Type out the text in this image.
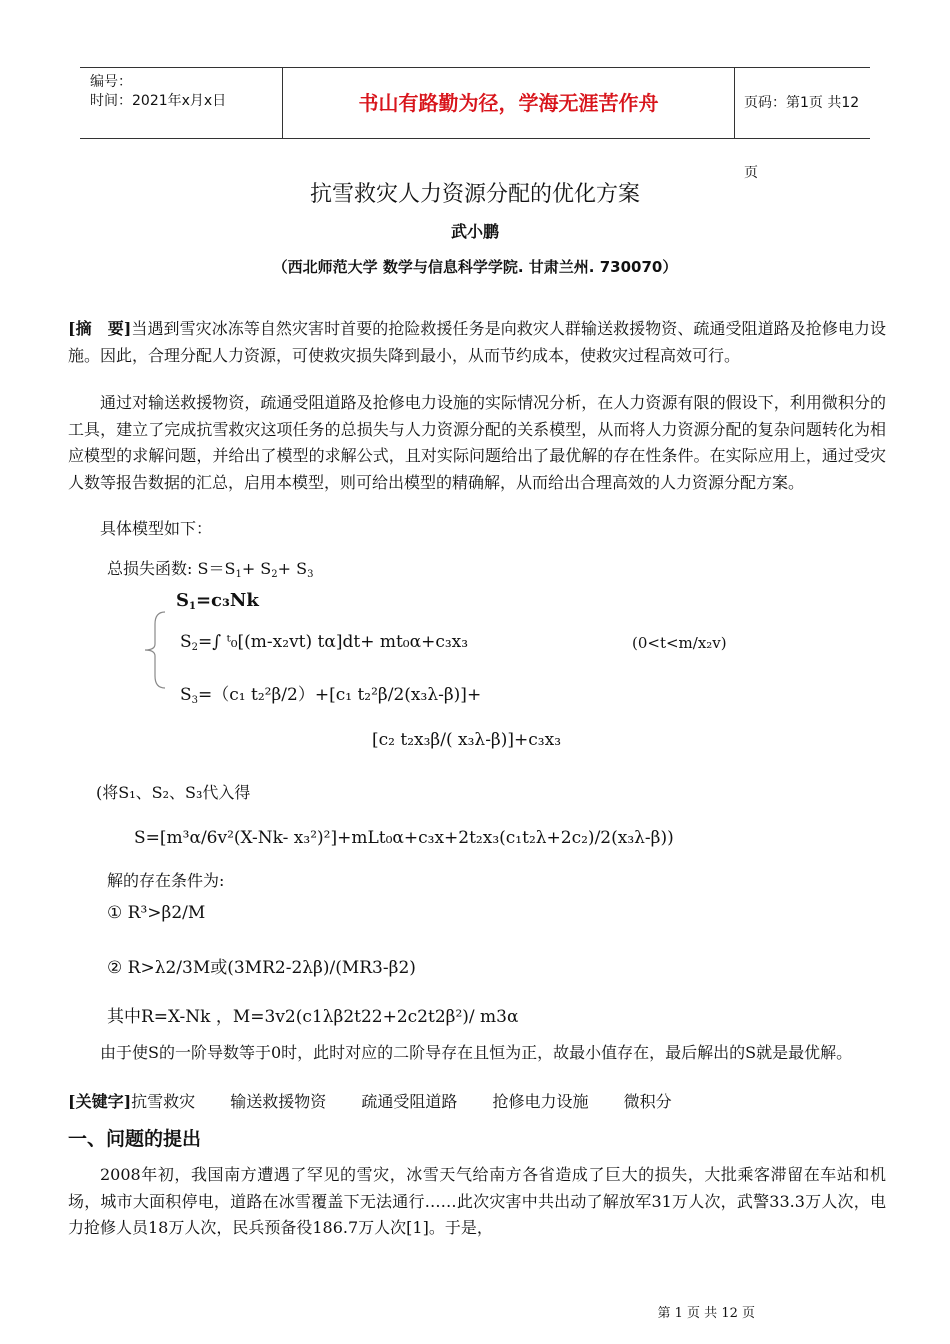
编号：
时间：2021年x月x日	书山有路勤为径，学海无涯苦作舟	页码：第1页 共12页
抗雪救灾人力资源分配的优化方案
武小鹏
（西北师范大学 数学与信息科学学院. 甘肃兰州. 730070）
[摘　要]当遇到雪灾冰冻等自然灾害时首要的抢险救援任务是向救灾人群输送救援物资、疏通受阻道路及抢修电力设施。因此，合理分配人力资源，可使救灾损失降到最小，从而节约成本，使救灾过程高效可行。
通过对输送救援物资，疏通受阻道路及抢修电力设施的实际情况分析，在人力资源有限的假设下，利用微积分的工具，建立了完成抗雪救灾这项任务的总损失与人力资源分配的关系模型，从而将人力资源分配的复杂问题转化为相应模型的求解问题，并给出了模型的求解公式，且对实际问题给出了最优解的存在性条件。在实际应用上，通过受灾人数等报告数据的汇总，启用本模型，则可给出模型的精确解，从而给出合理高效的人力资源分配方案。
具体模型如下：
总损失函数: $S=S_1+ S_2+ S_3$
$S_1=c_3Nk$
$S_2=\int$ ᵗ₀[(m-x₂vt) tα]dt+ mt₀α+c₃x₃	(0<t<m/x₂v)
$S_3=(c_1$ t₂²β/2）+[c₁ t₂²β/2(x₃λ-β)]+
[c₂ t₂x₃β/( x₃λ-β)]+c₃x₃
(将S₁、S₂、S₃代入得
S=[m³α/6v²(X-Nk- x₃²)²]+mLt₀α+c₃x+2t₂x₃(c₁t₂λ+2c₂)/2(x₃λ-β))
解的存在条件为:
① R³>β2/M
② R>λ2/3M或(3MR2-2λβ)/(MR3-β2)
其中R=X-Nk ，M=3v2(c1λβ2t22+2c2t2β²)/ m3α
由于使S的一阶导数等于0时，此时对应的二阶导存在且恒为正，故最小值存在，最后解出的S就是最优解。
[关键字]抗雪救灾 输送救援物资 疏通受阻道路 抢修电力设施 微积分
一、问题的提出
2008年初，我国南方遭遇了罕见的雪灾，冰雪天气给南方各省造成了巨大的损失，大批乘客滞留在车站和机场，城市大面积停电，道路在冰雪覆盖下无法通行……此次灾害中共出动了解放军31万人次，武警33.3万人次，电力抢修人员18万人次，民兵预备役186.7万人次[1]。于是，
第 1 页 共 12 页
